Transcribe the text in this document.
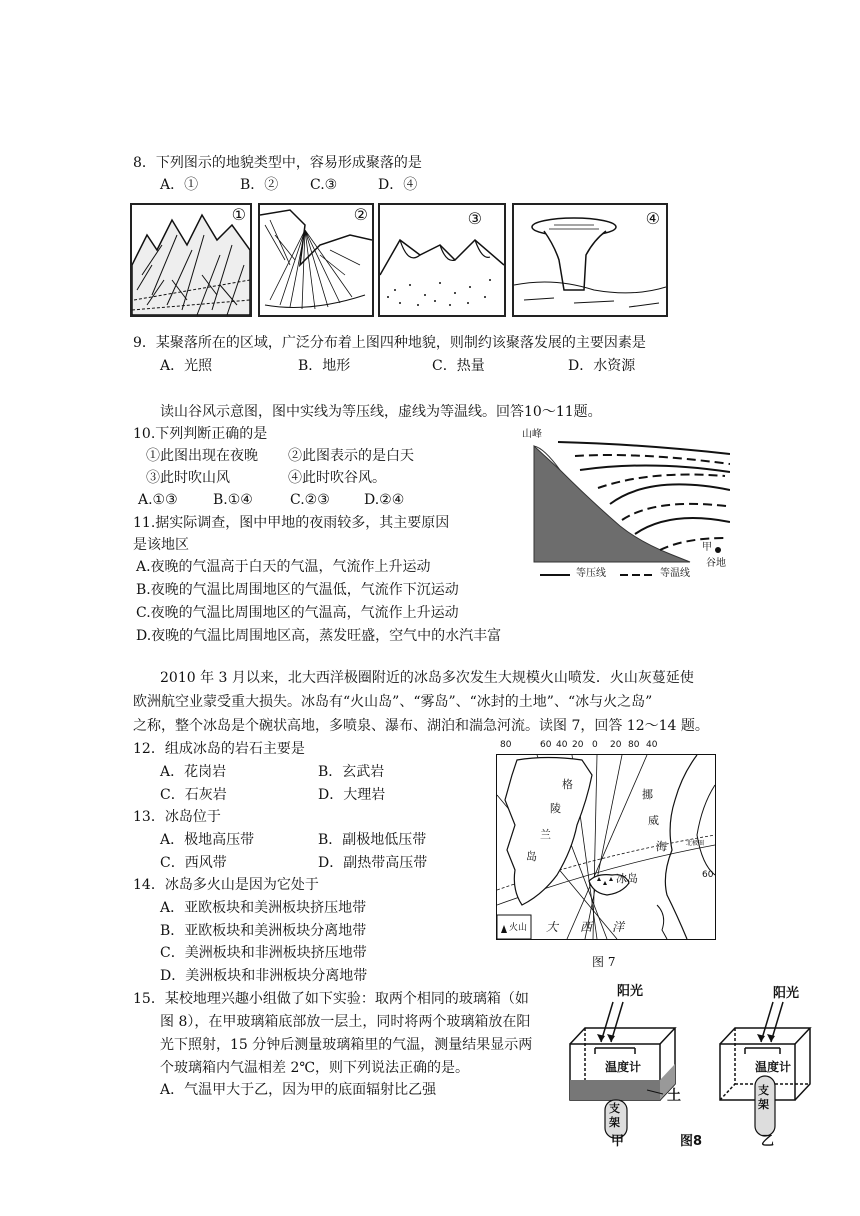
8．下列图示的地貌类型中，容易形成聚落的是
A．①	B．② C.③	D．④
①	②	③	④
9．某聚落所在的区域，广泛分布着上图四种地貌，则制约该聚落发展的主要因素是
A．光照	B．地形	C．热量	D．水资源
读山谷风示意图，图中实线为等压线，虚线为等温线。回答10～11题。
10.下列判断正确的是
①此图出现在夜晚 ②此图表示的是白天
③此时吹山风	④此时吹谷风。
A.①③	B.①④	C.②③ D.②④
11.据实际调查，图中甲地的夜雨较多，其主要原因
是该地区
A.夜晚的气温高于白天的气温，气流作上升运动
B.夜晚的气温比周围地区的气温低，气流作下沉运动
C.夜晚的气温比周围地区的气温高，气流作上升运动
D.夜晚的气温比周围地区高，蒸发旺盛，空气中的水汽丰富
山峰
甲
谷地
等压线	等温线
2010 年 3 月以来，北大西洋极圈附近的冰岛多次发生大规模火山喷发．火山灰蔓延使
欧洲航空业蒙受重大损失。冰岛有“火山岛”、“雾岛”、“冰封的土地”、“冰与火之岛”
之称，整个冰岛是个碗状高地，多喷泉、瀑布、湖泊和湍急河流。读图 7，回答 12～14 题。
12．组成冰岛的岩石主要是
A．花岗岩	B．玄武岩
C．石灰岩	D．大理岩
13．冰岛位于
A．极地高压带	B．副极地低压带
C．西风带	D．副热带高压带
14．冰岛多火山是因为它处于
A．亚欧板块和美洲板块挤压地带
B．亚欧板块和美洲板块分离地带
C．美洲板块和非洲板块挤压地带
D．美洲板块和非洲板块分离地带
80	60 40 20 0 20 80 40
格
陵
兰
岛
挪
威
海
冰岛
北极圈
60
大 西 洋
火山
图 7
15．某校地理兴趣小组做了如下实验：取两个相同的玻璃箱（如
图 8），在甲玻璃箱底部放一层土，同时将两个玻璃箱放在阳
光下照射，15 分钟后测量玻璃箱里的气温，测量结果显示两
个玻璃箱内气温相差 2℃，则下列说法正确的是。
A．气温甲大于乙，因为甲的底面辐射比乙强
阳光	阳光
温度计	温度计
支架
支架
土
甲	图8	乙
